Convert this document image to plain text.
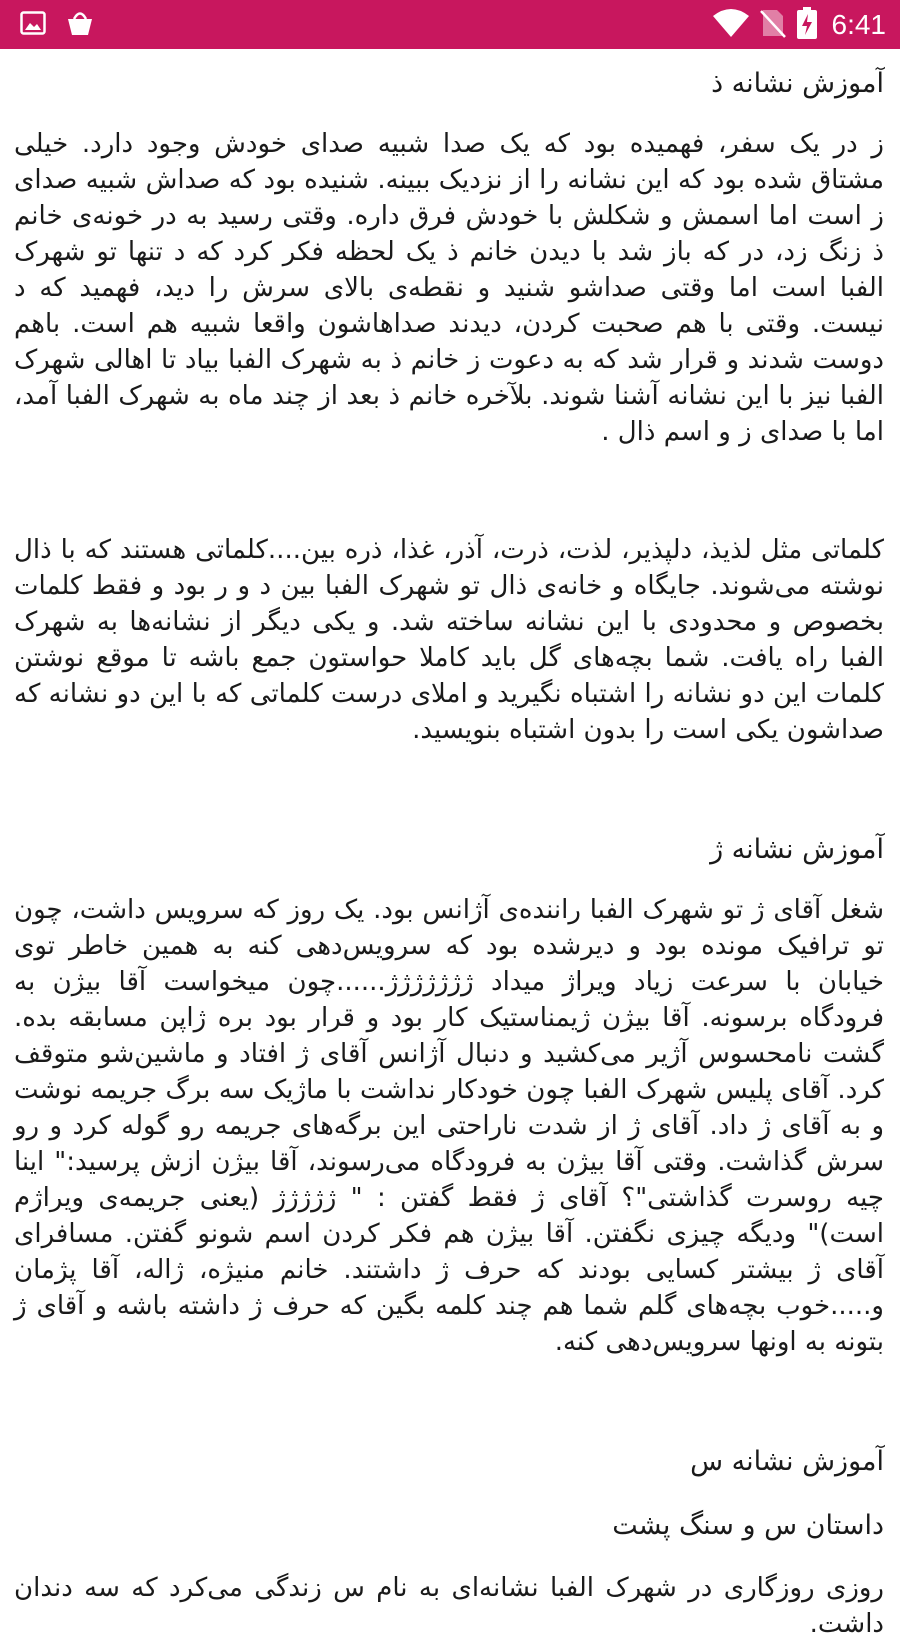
6:41

آموزش نشانه ذ

ز در یک سفر، فهمیده بود که یک صدا شبیه صدای خودش وجود دارد. خیلی مشتاق شده بود که این نشانه را از نزدیک ببینه. شنیده بود که صداش شبیه صدای ز است اما اسمش و شکلش با خودش فرق داره. وقتی رسید به در خونه‌ی خانم ذ زنگ زد، در که باز شد با دیدن خانم ذ یک لحظه فکر کرد که د تنها تو شهرک الفبا است اما وقتی صداشو شنید و نقطه‌ی بالای سرش را دید، فهمید که د نیست. وقتی با هم صحبت کردن، دیدند صداهاشون واقعا شبیه هم است. باهم دوست شدند و قرار شد که به دعوت ز خانم ذ به شهرک الفبا بیاد تا اهالی شهرک الفبا نیز با این نشانه آشنا شوند. بلآخره خانم ذ بعد از چند ماه به شهرک الفبا آمد، اما با صدای ز و اسم ذال .

کلماتی مثل لذیذ، دلپذیر، لذت، ذرت، آذر، غذا، ذره بین....کلماتی هستند که با ذال نوشته می‌شوند. جایگاه و خانه‌ی ذال تو شهرک الفبا بین د و ر بود و فقط کلمات بخصوص و محدودی با این نشانه ساخته شد. و یکی دیگر از نشانه‌ها به شهرک الفبا راه یافت. شما بچه‌های گل باید کاملا حواستون جمع باشه تا موقع نوشتن کلمات این دو نشانه را اشتباه نگیرید و املای درست کلماتی که با این دو نشانه که صداشون یکی است را بدون اشتباه بنویسید.

آموزش نشانه ژ

شغل آقای ژ تو شهرک الفبا راننده‌ی آژانس بود. یک روز که سرویس داشت، چون تو ترافیک مونده بود و دیرشده بود که سرویس‌دهی کنه به همین خاطر توی خیابان با سرعت زیاد ویراژ میداد ژژژژژژژ......چون میخواست آقا بیژن به فرودگاه برسونه. آقا بیژن ژیمناستیک کار بود و قرار بود بره ژاپن مسابقه بده. گشت نامحسوس آژیر می‌کشید و دنبال آژانس آقای ژ افتاد و ماشین‌شو متوقف کرد. آقای پلیس شهرک الفبا چون خودکار نداشت با ماژیک سه برگ جریمه نوشت و به آقای ژ داد. آقای ژ از شدت ناراحتی این برگه‌های جریمه رو گوله کرد و رو سرش گذاشت. وقتی آقا بیژن به فرودگاه می‌رسوند، آقا بیژن ازش پرسید:" اینا چیه روسرت گذاشتی"؟ آقای ژ فقط گفتن : " ژژژژژ (یعنی جریمه‌ی ویراژم است)" ودیگه چیزی نگفتن. آقا بیژن هم فکر کردن اسم شونو گفتن. مسافرای آقای ژ بیشتر کسایی بودند که حرف ژ داشتند. خانم منیژه، ژاله، آقا پژمان و.....خوب بچه‌های گلم شما هم چند کلمه بگین که حرف ژ داشته باشه و آقای ژ بتونه به اونها سرویس‌دهی کنه.

آموزش نشانه س

داستان س و سنگ پشت

روزی روزگاری در شهرک الفبا نشانه‌ای به نام س زندگی می‌کرد که سه دندان داشت.
